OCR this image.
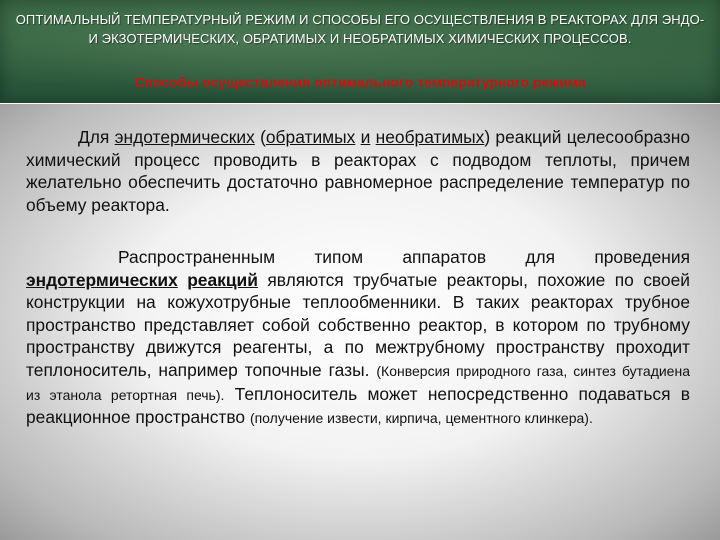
ОПТИМАЛЬНЫЙ ТЕМПЕРАТУРНЫЙ РЕЖИМ И СПОСОБЫ ЕГО ОСУЩЕСТВЛЕНИЯ В РЕАКТОРАХ ДЛЯ ЭНДО- И ЭКЗОТЕРМИЧЕСКИХ, ОБРАТИМЫХ И НЕОБРАТИМЫХ ХИМИЧЕСКИХ ПРОЦЕССОВ.

Способы осуществления оптимального температурного режима

Для эндотермических (обратимых и необратимых) реакций целесообразно химический процесс проводить в реакторах с подводом теплоты, причем желательно обеспечить достаточно равномерное распределение температур по объему реактора.

Распространенным типом аппаратов для проведения эндотермических реакций являются трубчатые реакторы, похожие по своей конструкции на кожухотрубные теплообменники. В таких реакторах трубное пространство представляет собой собственно реактор, в котором по трубному пространству движутся реагенты, а по межтрубному пространству проходит теплоноситель, например топочные газы. (Конверсия природного газа, синтез бутадиена из этанола ретортная печь). Теплоноситель может непосредственно подаваться в реакционное пространство (получение извести, кирпича, цементного клинкера).
